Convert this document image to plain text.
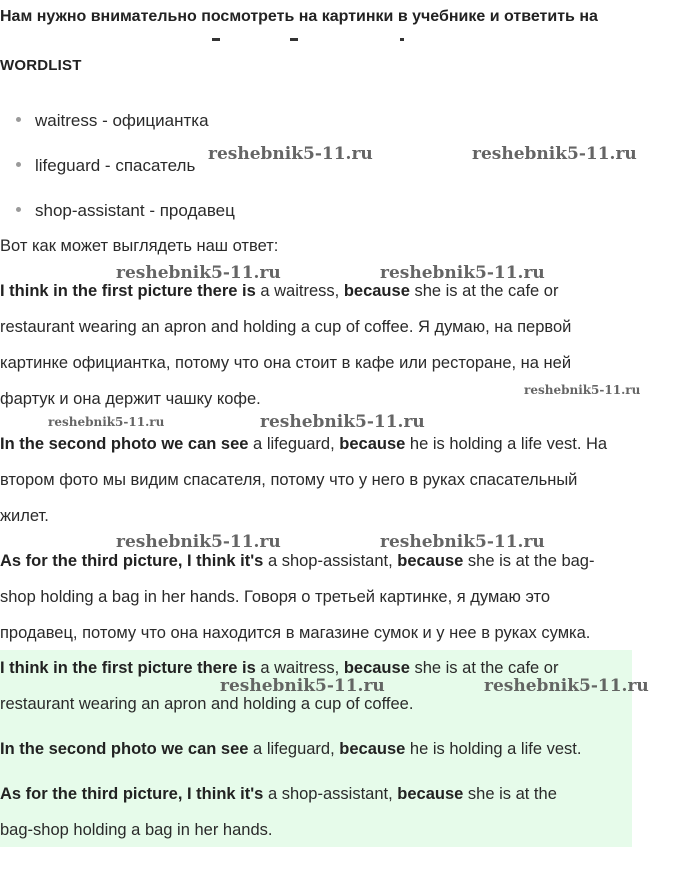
Нам нужно внимательно посмотреть на картинки в учебнике и ответить на
WORDLIST
waitress - официантка
lifeguard - спасатель
shop-assistant - продавец
Вот как может выглядеть наш ответ:
I think in the first picture there is a waitress, because she is at the cafe or
restaurant wearing an apron and holding a cup of coffee. Я думаю, на первой
картинке официантка, потому что она стоит в кафе или ресторане, на ней
фартук и она держит чашку кофе.
In the second photo we can see a lifeguard, because he is holding a life vest. На
втором фото мы видим спасателя, потому что у него в руках спасательный
жилет.
As for the third picture, I think it's a shop-assistant, because she is at the bag-
shop holding a bag in her hands. Говоря о третьей картинке, я думаю это
продавец, потому что она находится в магазине сумок и у нее в руках сумка.
I think in the first picture there is a waitress, because she is at the cafe or
restaurant wearing an apron and holding a cup of coffee.
In the second photo we can see a lifeguard, because he is holding a life vest.
As for the third picture, I think it's a shop-assistant, because she is at the
bag-shop holding a bag in her hands.
reshebnik5-11.ru	reshebnik5-11.ru
reshebnik5-11.ru	reshebnik5-11.ru
reshebnik5-11.ru
reshebnik5-11.ru	reshebnik5-11.ru
reshebnik5-11.ru	reshebnik5-11.ru
reshebnik5-11.ru	reshebnik5-11.ru
